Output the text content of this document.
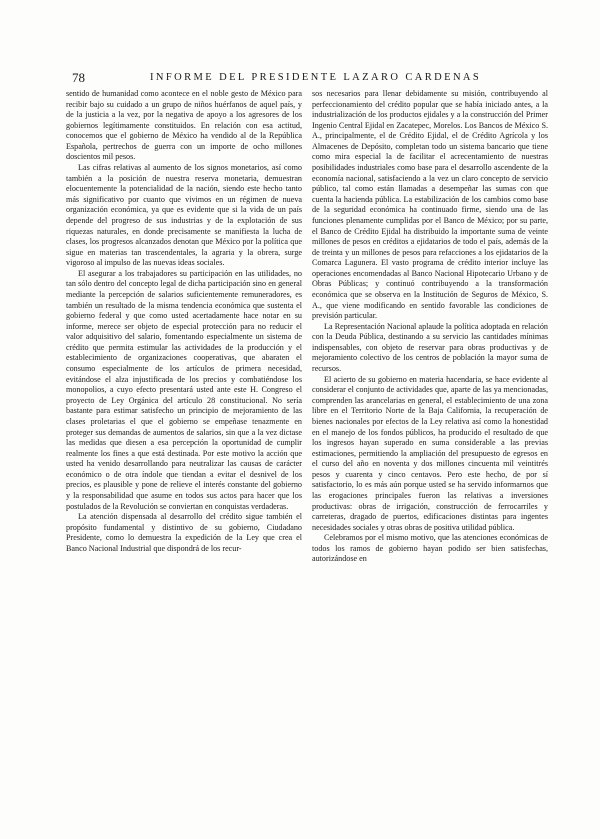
78	INFORME DEL PRESIDENTE LAZARO CARDENAS

sentido de humanidad como acontece en el noble gesto de México para recibir bajo su cuidado a un grupo de niños huérfanos de aquel país, y de la justicia a la vez, por la negativa de apoyo a los agresores de los gobiernos legítimamente constituidos. En relación con esa actitud, conocemos que el gobierno de México ha vendido al de la República Española, pertrechos de guerra con un importe de ocho millones doscientos mil pesos.

Las cifras relativas al aumento de los signos monetarios, así como también a la posición de nuestra reserva monetaria, demuestran elocuentemente la potencialidad de la nación, siendo este hecho tanto más significativo por cuanto que vivimos en un régimen de nueva organización económica, ya que es evidente que si la vida de un país depende del progreso de sus industrias y de la explotación de sus riquezas naturales, en donde precisamente se manifiesta la lucha de clases, los progresos alcanzados denotan que México por la política que sigue en materias tan trascendentales, la agraria y la obrera, surge vigoroso al impulso de las nuevas ideas sociales.

El asegurar a los trabajadores su participación en las utilidades, no tan sólo dentro del concepto legal de dicha participación sino en general mediante la percepción de salarios suficientemente remuneradores, es también un resultado de la misma tendencia económica que sustenta el gobierno federal y que como usted acertadamente hace notar en su informe, merece ser objeto de especial protección para no reducir el valor adquisitivo del salario, fomentando especialmente un sistema de crédito que permita estimular las actividades de la producción y el establecimiento de organizaciones cooperativas, que abaraten el consumo especialmente de los artículos de primera necesidad, evitándose el alza injustificada de los precios y combatiéndose los monopolios, a cuyo efecto presentará usted ante este H. Congreso el proyecto de Ley Orgánica del artículo 28 constitucional. No sería bastante para estimar satisfecho un principio de mejoramiento de las clases proletarias el que el gobierno se empeñase tenazmente en proteger sus demandas de aumentos de salarios, sin que a la vez dictase las medidas que diesen a esa percepción la oportunidad de cumplir realmente los fines a que está destinada. Por este motivo la acción que usted ha venido desarrollando para neutralizar las causas de carácter económico o de otra índole que tiendan a evitar el desnivel de los precios, es plausible y pone de relieve el interés constante del gobierno y la responsabilidad que asume en todos sus actos para hacer que los postulados de la Revolución se conviertan en conquistas verdaderas.

La atención dispensada al desarrollo del crédito sigue también el propósito fundamental y distintivo de su gobierno, Ciudadano Presidente, como lo demuestra la expedición de la Ley que crea el Banco Nacional Industrial que dispondrá de los recur-

sos necesarios para llenar debidamente su misión, contribuyendo al perfeccionamiento del crédito popular que se había iniciado antes, a la industrialización de los productos ejidales y a la construcción del Primer Ingenio Central Ejidal en Zacatepec, Morelos. Los Bancos de México S. A., principalmente, el de Crédito Ejidal, el de Crédito Agrícola y los Almacenes de Depósito, completan todo un sistema bancario que tiene como mira especial la de facilitar el acrecentamiento de nuestras posibilidades industriales como base para el desarrollo ascendente de la economía nacional, satisfaciendo a la vez un claro concepto de servicio público, tal como están llamadas a desempeñar las sumas con que cuenta la hacienda pública. La estabilización de los cambios como base de la seguridad económica ha continuado firme, siendo una de las funciones plenamente cumplidas por el Banco de México; por su parte, el Banco de Crédito Ejidal ha distribuido la importante suma de veinte millones de pesos en créditos a ejidatarios de todo el país, además de la de treinta y un millones de pesos para refacciones a los ejidatarios de la Comarca Lagunera. El vasto programa de crédito interior incluye las operaciones encomendadas al Banco Nacional Hipotecario Urbano y de Obras Públicas; y continuó contribuyendo a la transformación económica que se observa en la Institución de Seguros de México, S. A., que viene modificando en sentido favorable las condiciones de previsión particular.

La Representación Nacional aplaude la política adoptada en relación con la Deuda Pública, destinando a su servicio las cantidades mínimas indispensables, con objeto de reservar para obras productivas y de mejoramiento colectivo de los centros de población la mayor suma de recursos.

El acierto de su gobierno en materia hacendaria, se hace evidente al considerar el conjunto de actividades que, aparte de las ya mencionadas, comprenden las arancelarias en general, el establecimiento de una zona libre en el Territorio Norte de la Baja California, la recuperación de bienes nacionales por efectos de la Ley relativa así como la honestidad en el manejo de los fondos públicos, ha producido el resultado de que los ingresos hayan superado en suma considerable a las previas estimaciones, permitiendo la ampliación del presupuesto de egresos en el curso del año en noventa y dos millones cincuenta mil veintitrés pesos y cuarenta y cinco centavos. Pero este hecho, de por sí satisfactorio, lo es más aún porque usted se ha servido informarnos que las erogaciones principales fueron las relativas a inversiones productivas: obras de irrigación, construcción de ferrocarriles y carreteras, dragado de puertos, edificaciones distintas para ingentes necesidades sociales y otras obras de positiva utilidad pública.

Celebramos por el mismo motivo, que las atenciones económicas de todos los ramos de gobierno hayan podido ser bien satisfechas, autorizándose en
